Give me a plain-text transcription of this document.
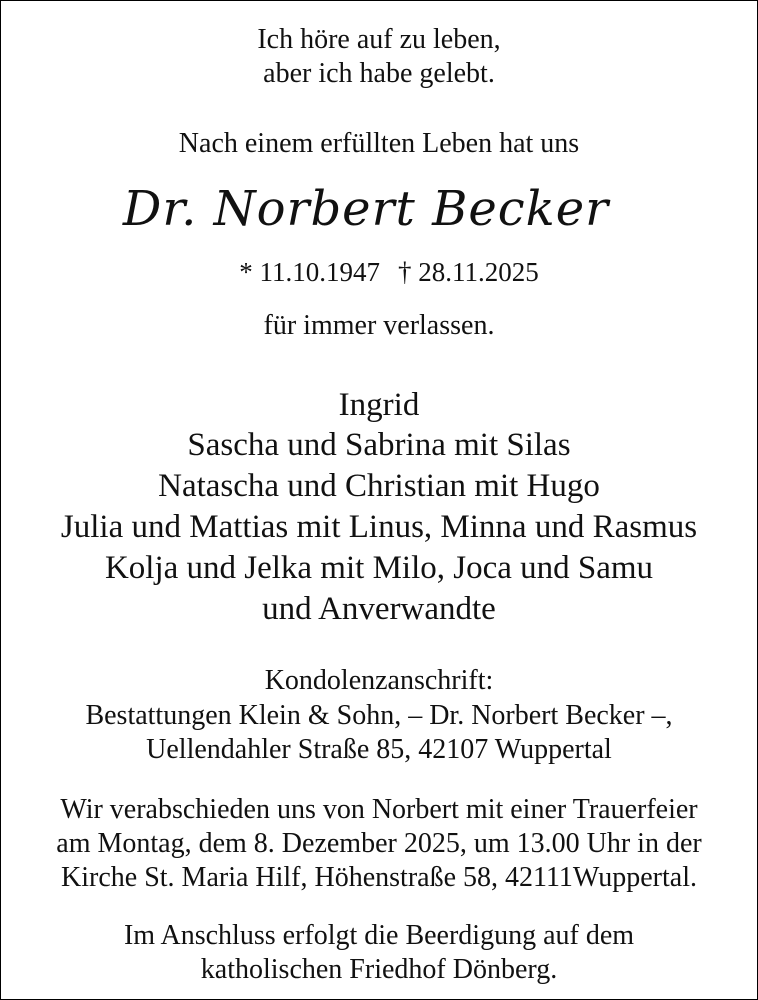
Ich höre auf zu leben,
aber ich habe gelebt.
Nach einem erfüllten Leben hat uns
Dr. Norbert Becker
* 11.10.1947 † 28.11.2025
für immer verlassen.
Ingrid
Sascha und Sabrina mit Silas
Natascha und Christian mit Hugo
Julia und Mattias mit Linus, Minna und Rasmus
Kolja und Jelka mit Milo, Joca und Samu
und Anverwandte
Kondolenzanschrift:
Bestattungen Klein & Sohn, – Dr. Norbert Becker –,
Uellendahler Straße 85, 42107 Wuppertal
Wir verabschieden uns von Norbert mit einer Trauerfeier
am Montag, dem 8. Dezember 2025, um 13.00 Uhr in der
Kirche St. Maria Hilf, Höhenstraße 58, 42111Wuppertal.
Im Anschluss erfolgt die Beerdigung auf dem
katholischen Friedhof Dönberg.
